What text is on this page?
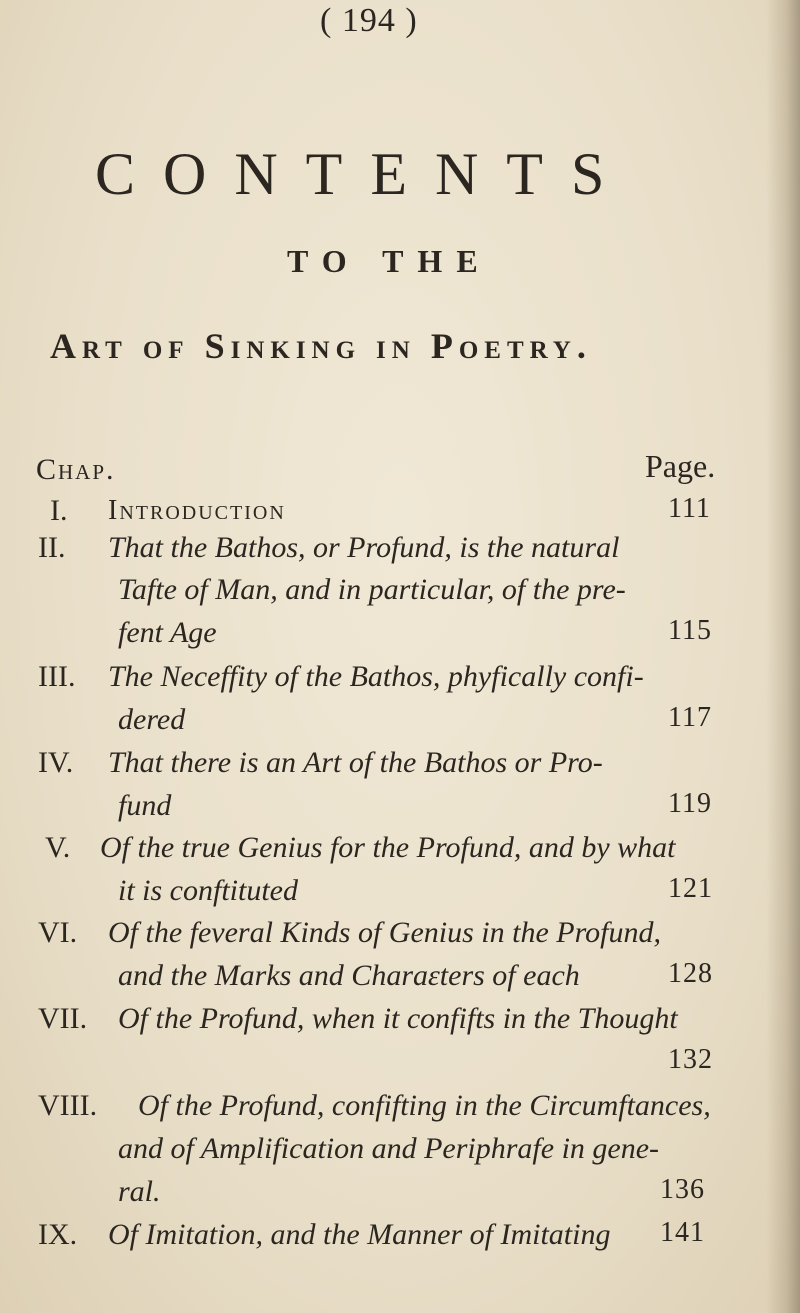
( 194 )
CONTENTS
TO THE
Art of Sinking in Poetry.
Chap.	Page.
I. Introduction	111
II. That the Bathos, or Profund, is the natural
Tafte of Man, and in particular, of the pre-
fent Age	115
III. The Neceffity of the Bathos, phyfically confi-
dered	117
IV. That there is an Art of the Bathos or Pro-
fund	119
V. Of the true Genius for the Profund, and by what
it is conftituted	121
VI. Of the feveral Kinds of Genius in the Profund,
and the Marks and Charaɛters of each	128
VII. Of the Profund, when it confifts in the Thought
132
VIII. Of the Profund, confifting in the Circumftances,
and of Amplification and Periphrafe in gene-
ral.	136
IX. Of Imitation, and the Manner of Imitating 141
